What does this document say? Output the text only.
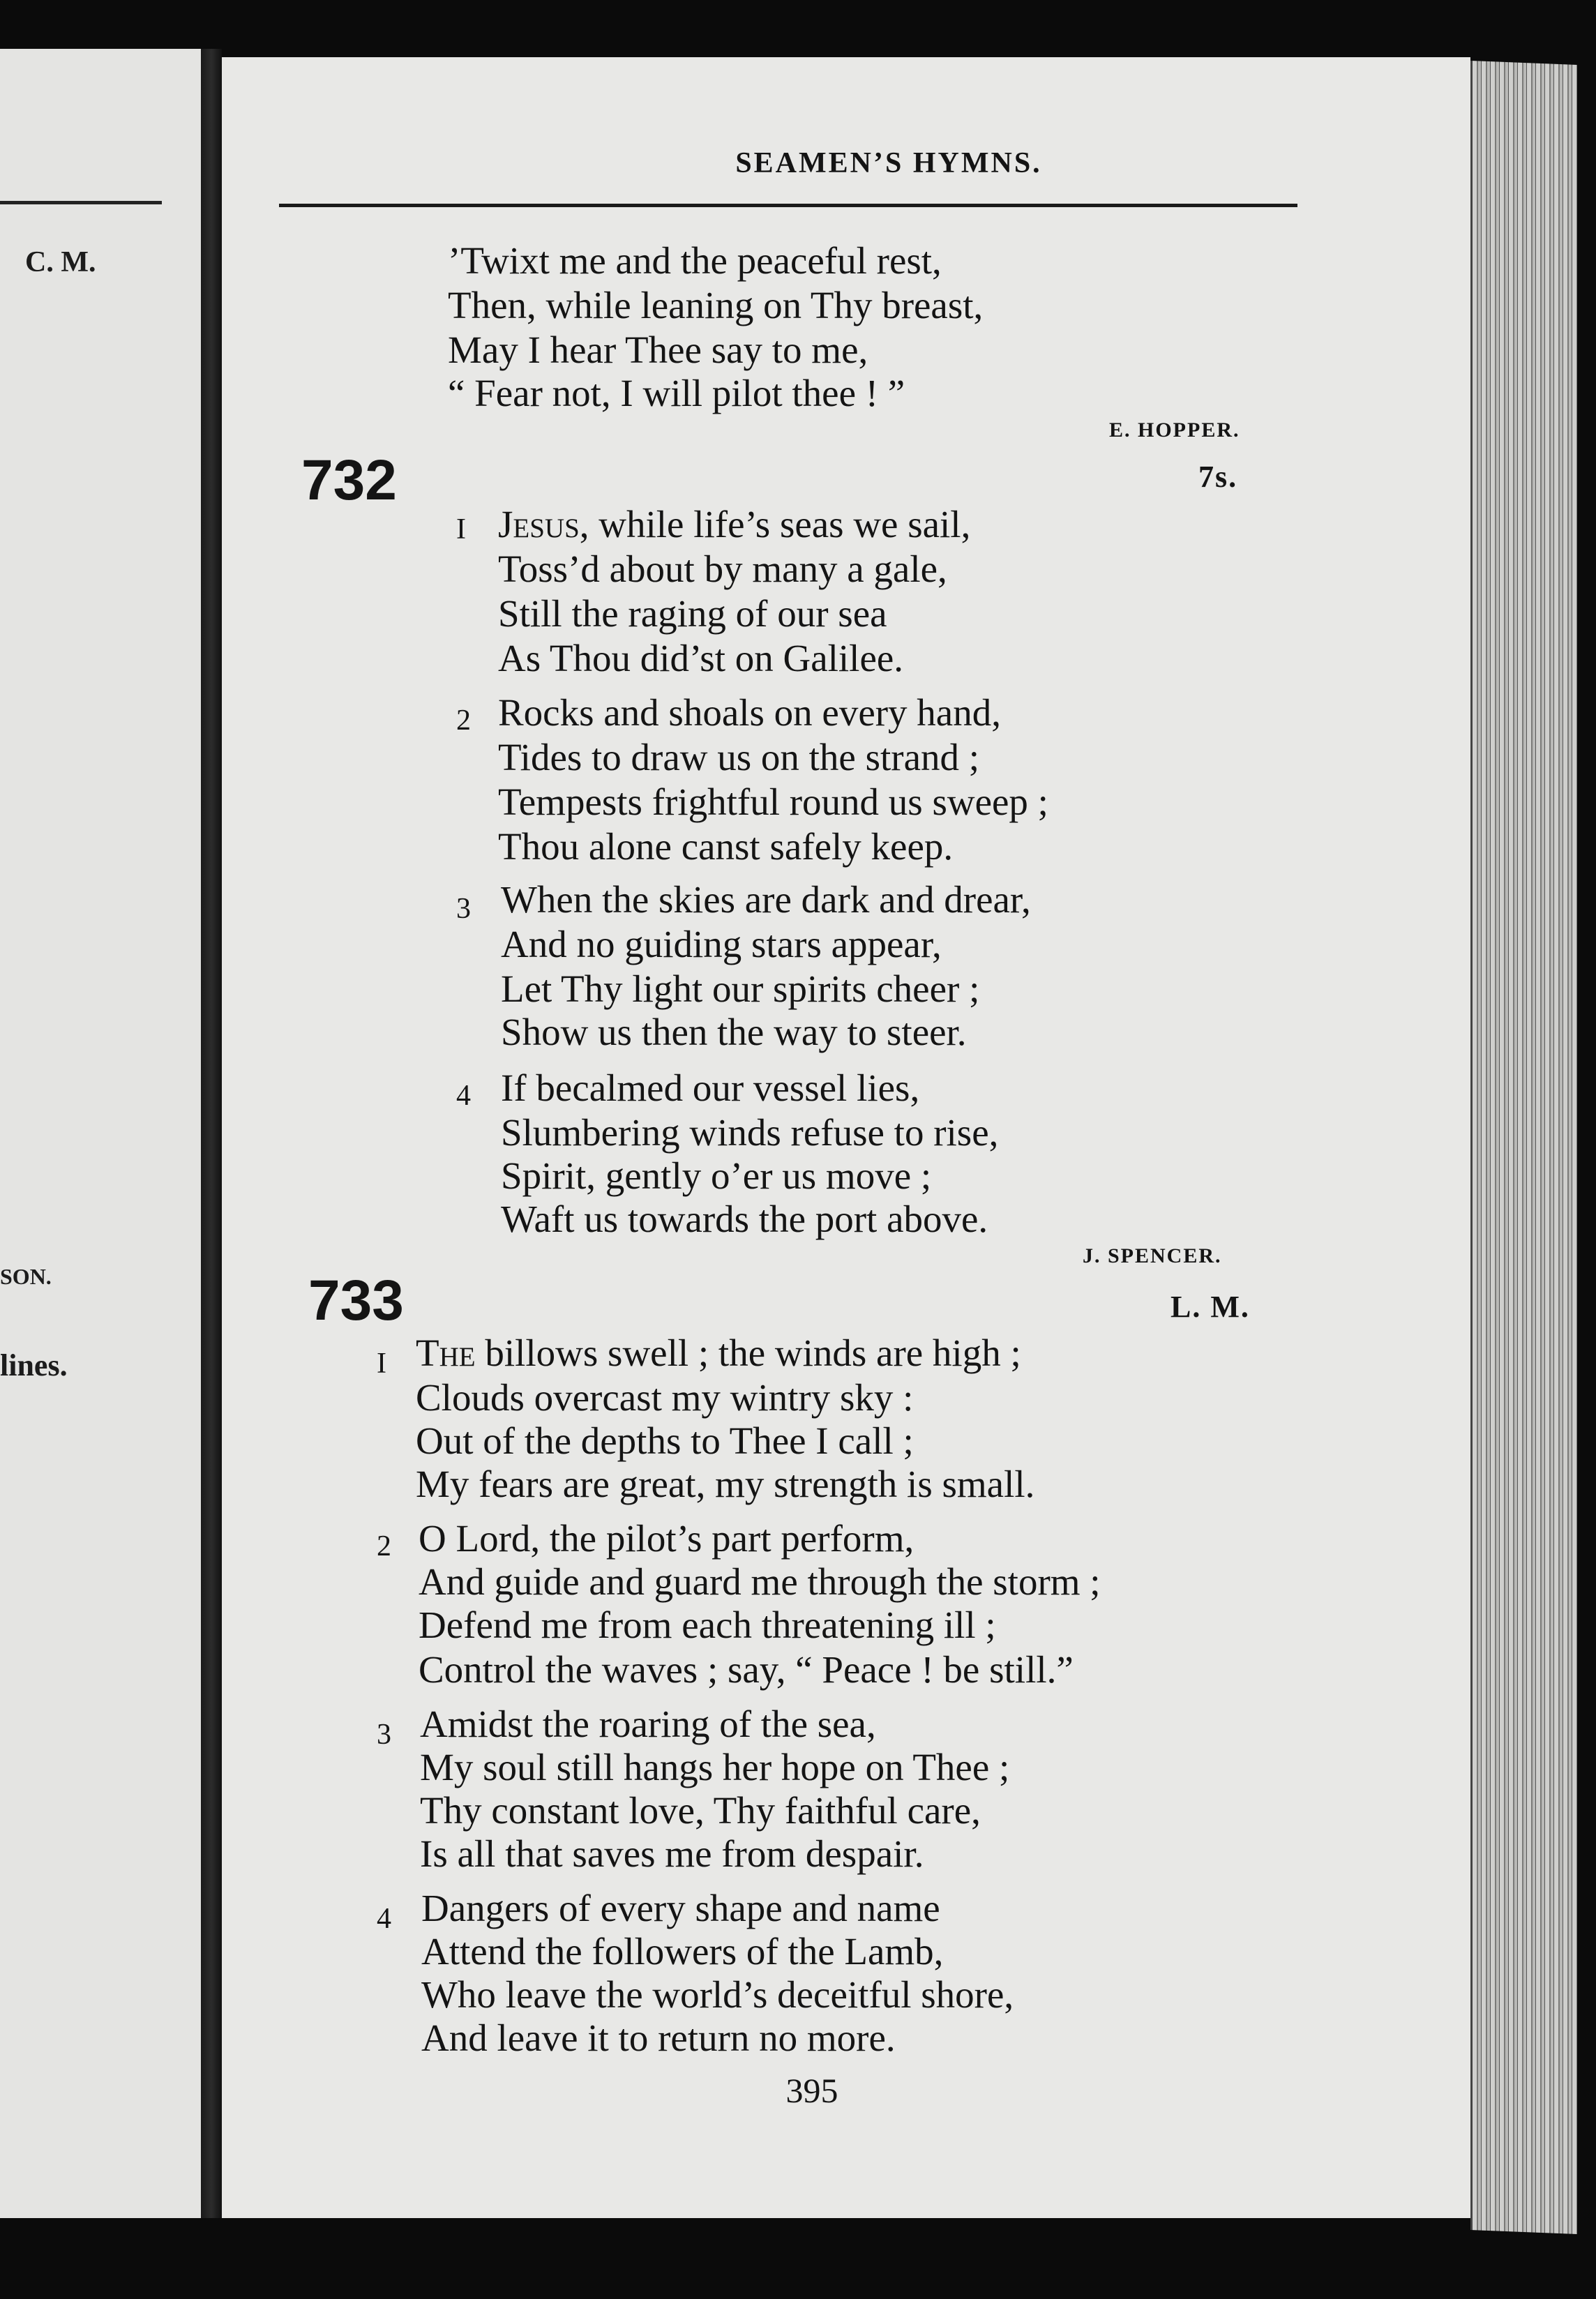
C. M.
SON.
lines.
SEAMEN’S HYMNS.
’Twixt me and the peaceful rest,
Then, while leaning on Thy breast,
May I hear Thee say to me,
“ Fear not, I will pilot thee ! ”
E. HOPPER.
732	7s.
I Jesus, while life’s seas we sail,
Toss’d about by many a gale,
Still the raging of our sea
As Thou did’st on Galilee.
2 Rocks and shoals on every hand,
Tides to draw us on the strand ;
Tempests frightful round us sweep ;
Thou alone canst safely keep.
3 When the skies are dark and drear,
And no guiding stars appear,
Let Thy light our spirits cheer ;
Show us then the way to steer.
4 If becalmed our vessel lies,
Slumbering winds refuse to rise,
Spirit, gently o’er us move ;
Waft us towards the port above.
J. SPENCER.
733	L. M.
I The billows swell ; the winds are high ;
Clouds overcast my wintry sky :
Out of the depths to Thee I call ;
My fears are great, my strength is small.
2 O Lord, the pilot’s part perform,
And guide and guard me through the storm ;
Defend me from each threatening ill ;
Control the waves ; say, “ Peace ! be still.”
3 Amidst the roaring of the sea,
My soul still hangs her hope on Thee ;
Thy constant love, Thy faithful care,
Is all that saves me from despair.
4 Dangers of every shape and name
Attend the followers of the Lamb,
Who leave the world’s deceitful shore,
And leave it to return no more.
395
